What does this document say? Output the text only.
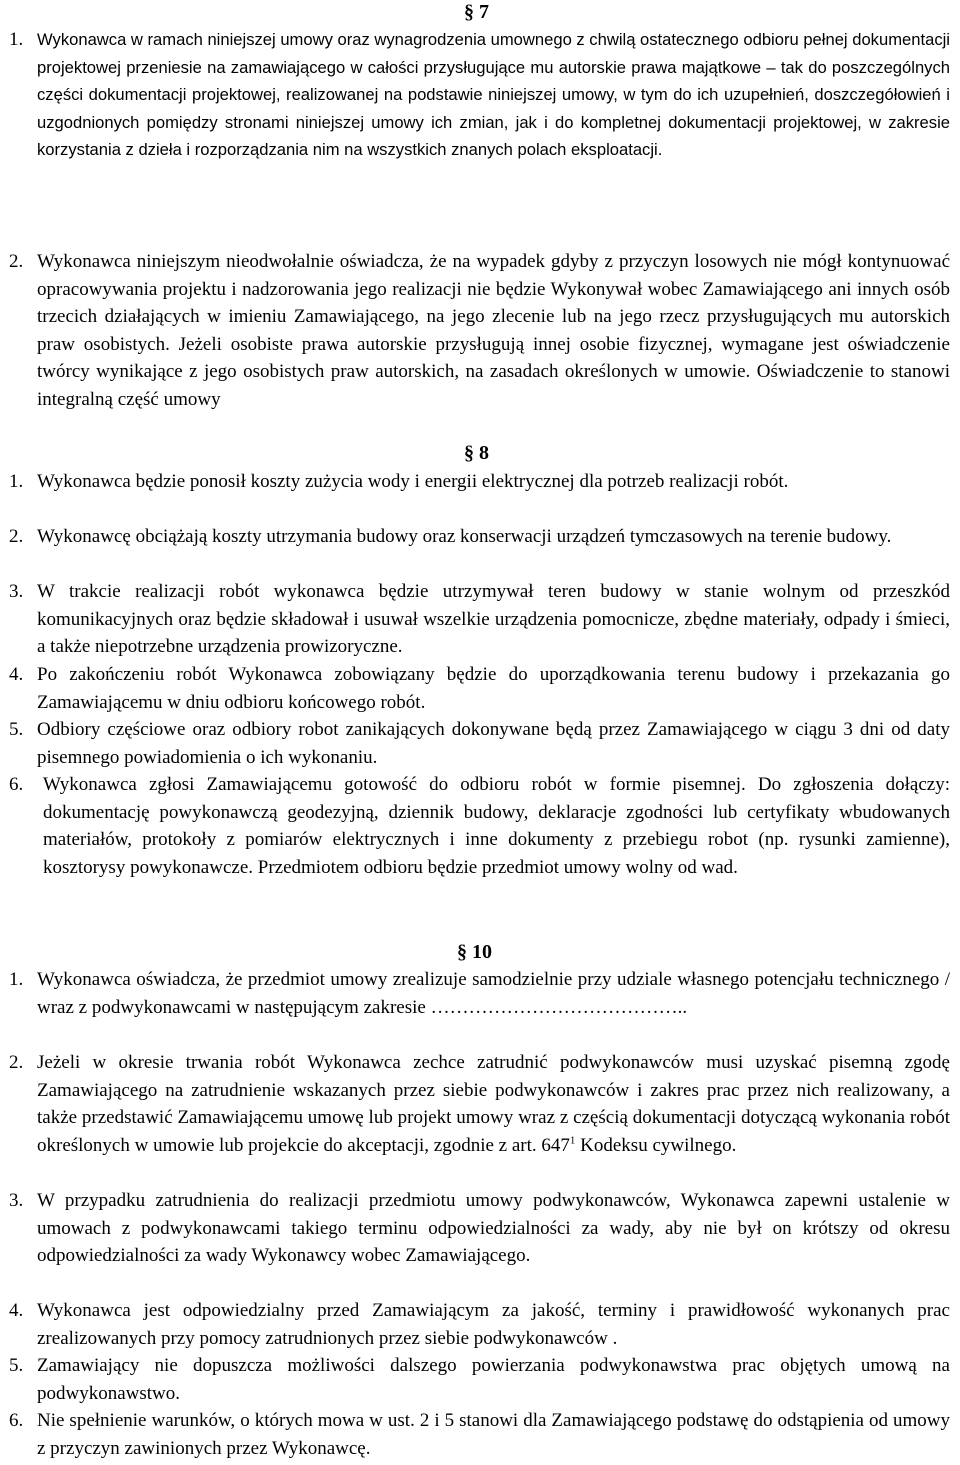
§ 7
1. Wykonawca w ramach niniejszej umowy oraz wynagrodzenia umownego z chwilą ostatecznego odbioru pełnej dokumentacji projektowej przeniesie na zamawiającego w całości przysługujące mu autorskie prawa majątkowe – tak do poszczególnych części dokumentacji projektowej, realizowanej na podstawie niniejszej umowy, w tym do ich uzupełnień, doszczegółowień i uzgodnionych pomiędzy stronami niniejszej umowy ich zmian, jak i do kompletnej dokumentacji projektowej, w zakresie korzystania z dzieła i rozporządzania nim na wszystkich znanych polach eksploatacji.
2. Wykonawca niniejszym nieodwołalnie oświadcza, że na wypadek gdyby z przyczyn losowych nie mógł kontynuować opracowywania projektu i nadzorowania jego realizacji nie będzie Wykonywał wobec Zamawiającego ani innych osób trzecich działających w imieniu Zamawiającego, na jego zlecenie lub na jego rzecz przysługujących mu autorskich praw osobistych. Jeżeli osobiste prawa autorskie przysługują innej osobie fizycznej, wymagane jest oświadczenie twórcy wynikające z jego osobistych praw autorskich, na zasadach określonych w umowie. Oświadczenie to stanowi integralną część umowy
§ 8
1. Wykonawca będzie ponosił koszty zużycia wody i energii elektrycznej dla potrzeb realizacji robót.
2. Wykonawcę obciążają koszty utrzymania budowy oraz konserwacji urządzeń tymczasowych na terenie budowy.
3. W trakcie realizacji robót wykonawca będzie utrzymywał teren budowy w stanie wolnym od przeszkód komunikacyjnych oraz będzie składował i usuwał wszelkie urządzenia pomocnicze, zbędne materiały, odpady i śmieci, a także niepotrzebne urządzenia prowizoryczne.
4. Po zakończeniu robót Wykonawca zobowiązany będzie do uporządkowania terenu budowy i przekazania go Zamawiającemu w dniu odbioru końcowego robót.
5. Odbiory częściowe oraz odbiory robot zanikających dokonywane będą przez Zamawiającego w ciągu 3 dni od daty pisemnego powiadomienia o ich wykonaniu.
6. Wykonawca zgłosi Zamawiającemu gotowość do odbioru robót w formie pisemnej. Do zgłoszenia dołączy: dokumentację powykonawczą geodezyjną, dziennik budowy, deklaracje zgodności lub certyfikaty wbudowanych materiałów, protokoły z pomiarów elektrycznych i inne dokumenty z przebiegu robot (np. rysunki zamienne), kosztorysy powykonawcze. Przedmiotem odbioru będzie przedmiot umowy wolny od wad.
§ 10
1. Wykonawca oświadcza, że przedmiot umowy zrealizuje samodzielnie przy udziale własnego potencjału technicznego / wraz z podwykonawcami w następującym zakresie …………………………………..
2. Jeżeli w okresie trwania robót Wykonawca zechce zatrudnić podwykonawców musi uzyskać pisemną zgodę Zamawiającego na zatrudnienie wskazanych przez siebie podwykonawców i zakres prac przez nich realizowany, a także przedstawić Zamawiającemu umowę lub projekt umowy wraz z częścią dokumentacji dotyczącą wykonania robót określonych w umowie lub projekcie do akceptacji, zgodnie z art. $647^1$ Kodeksu cywilnego.
3. W przypadku zatrudnienia do realizacji przedmiotu umowy podwykonawców, Wykonawca zapewni ustalenie w umowach z podwykonawcami takiego terminu odpowiedzialności za wady, aby nie był on krótszy od okresu odpowiedzialności za wady Wykonawcy wobec Zamawiającego.
4. Wykonawca jest odpowiedzialny przed Zamawiającym za jakość, terminy i prawidłowość wykonanych prac zrealizowanych przy pomocy zatrudnionych przez siebie podwykonawców .
5. Zamawiający nie dopuszcza możliwości dalszego powierzania podwykonawstwa prac objętych umową na podwykonawstwo.
6. Nie spełnienie warunków, o których mowa w ust. 2 i 5 stanowi dla Zamawiającego podstawę do odstąpienia od umowy z przyczyn zawinionych przez Wykonawcę.
